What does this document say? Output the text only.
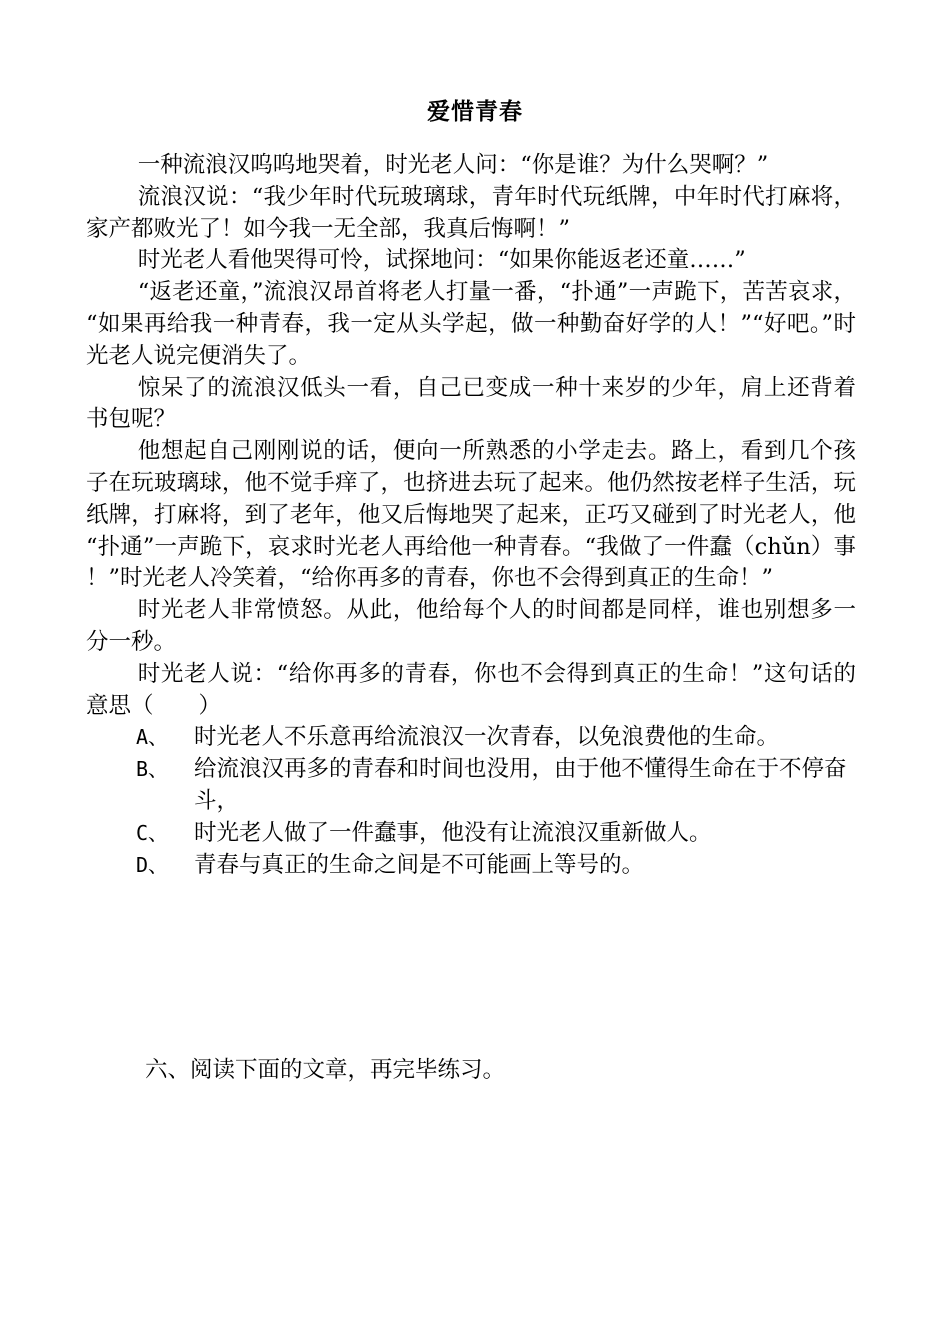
爱惜青春

一种流浪汉呜呜地哭着，时光老人问：“你是谁？为什么哭啊？”

流浪汉说：“我少年时代玩玻璃球，青年时代玩纸牌，中年时代打麻将，家产都败光了！如今我一无全部，我真后悔啊！”

时光老人看他哭得可怜，试探地问：“如果你能返老还童……”

“返老还童，”流浪汉昂首将老人打量一番，“扑通”一声跪下，苦苦哀求，“如果再给我一种青春，我一定从头学起，做一种勤奋好学的人！”“好吧。”时光老人说完便消失了。

惊呆了的流浪汉低头一看，自己已变成一种十来岁的少年，肩上还背着书包呢？

他想起自己刚刚说的话，便向一所熟悉的小学走去。路上，看到几个孩子在玩玻璃球，他不觉手痒了，也挤进去玩了起来。他仍然按老样子生活，玩纸牌，打麻将，到了老年，他又后悔地哭了起来，正巧又碰到了时光老人，他“扑通”一声跪下，哀求时光老人再给他一种青春。“我做了一件蠢（chǔn）事！”时光老人冷笑着，“给你再多的青春，你也不会得到真正的生命！”

时光老人非常愤怒。从此，他给每个人的时间都是同样，谁也别想多一分一秒。

时光老人说：“给你再多的青春，你也不会得到真正的生命！”这句话的意思（　　）

A、	时光老人不乐意再给流浪汉一次青春，以免浪费他的生命。
B、	给流浪汉再多的青春和时间也没用，由于他不懂得生命在于不停奋斗，
C、	时光老人做了一件蠢事，他没有让流浪汉重新做人。
D、	青春与真正的生命之间是不可能画上等号的。
六、阅读下面的文章，再完毕练习。
